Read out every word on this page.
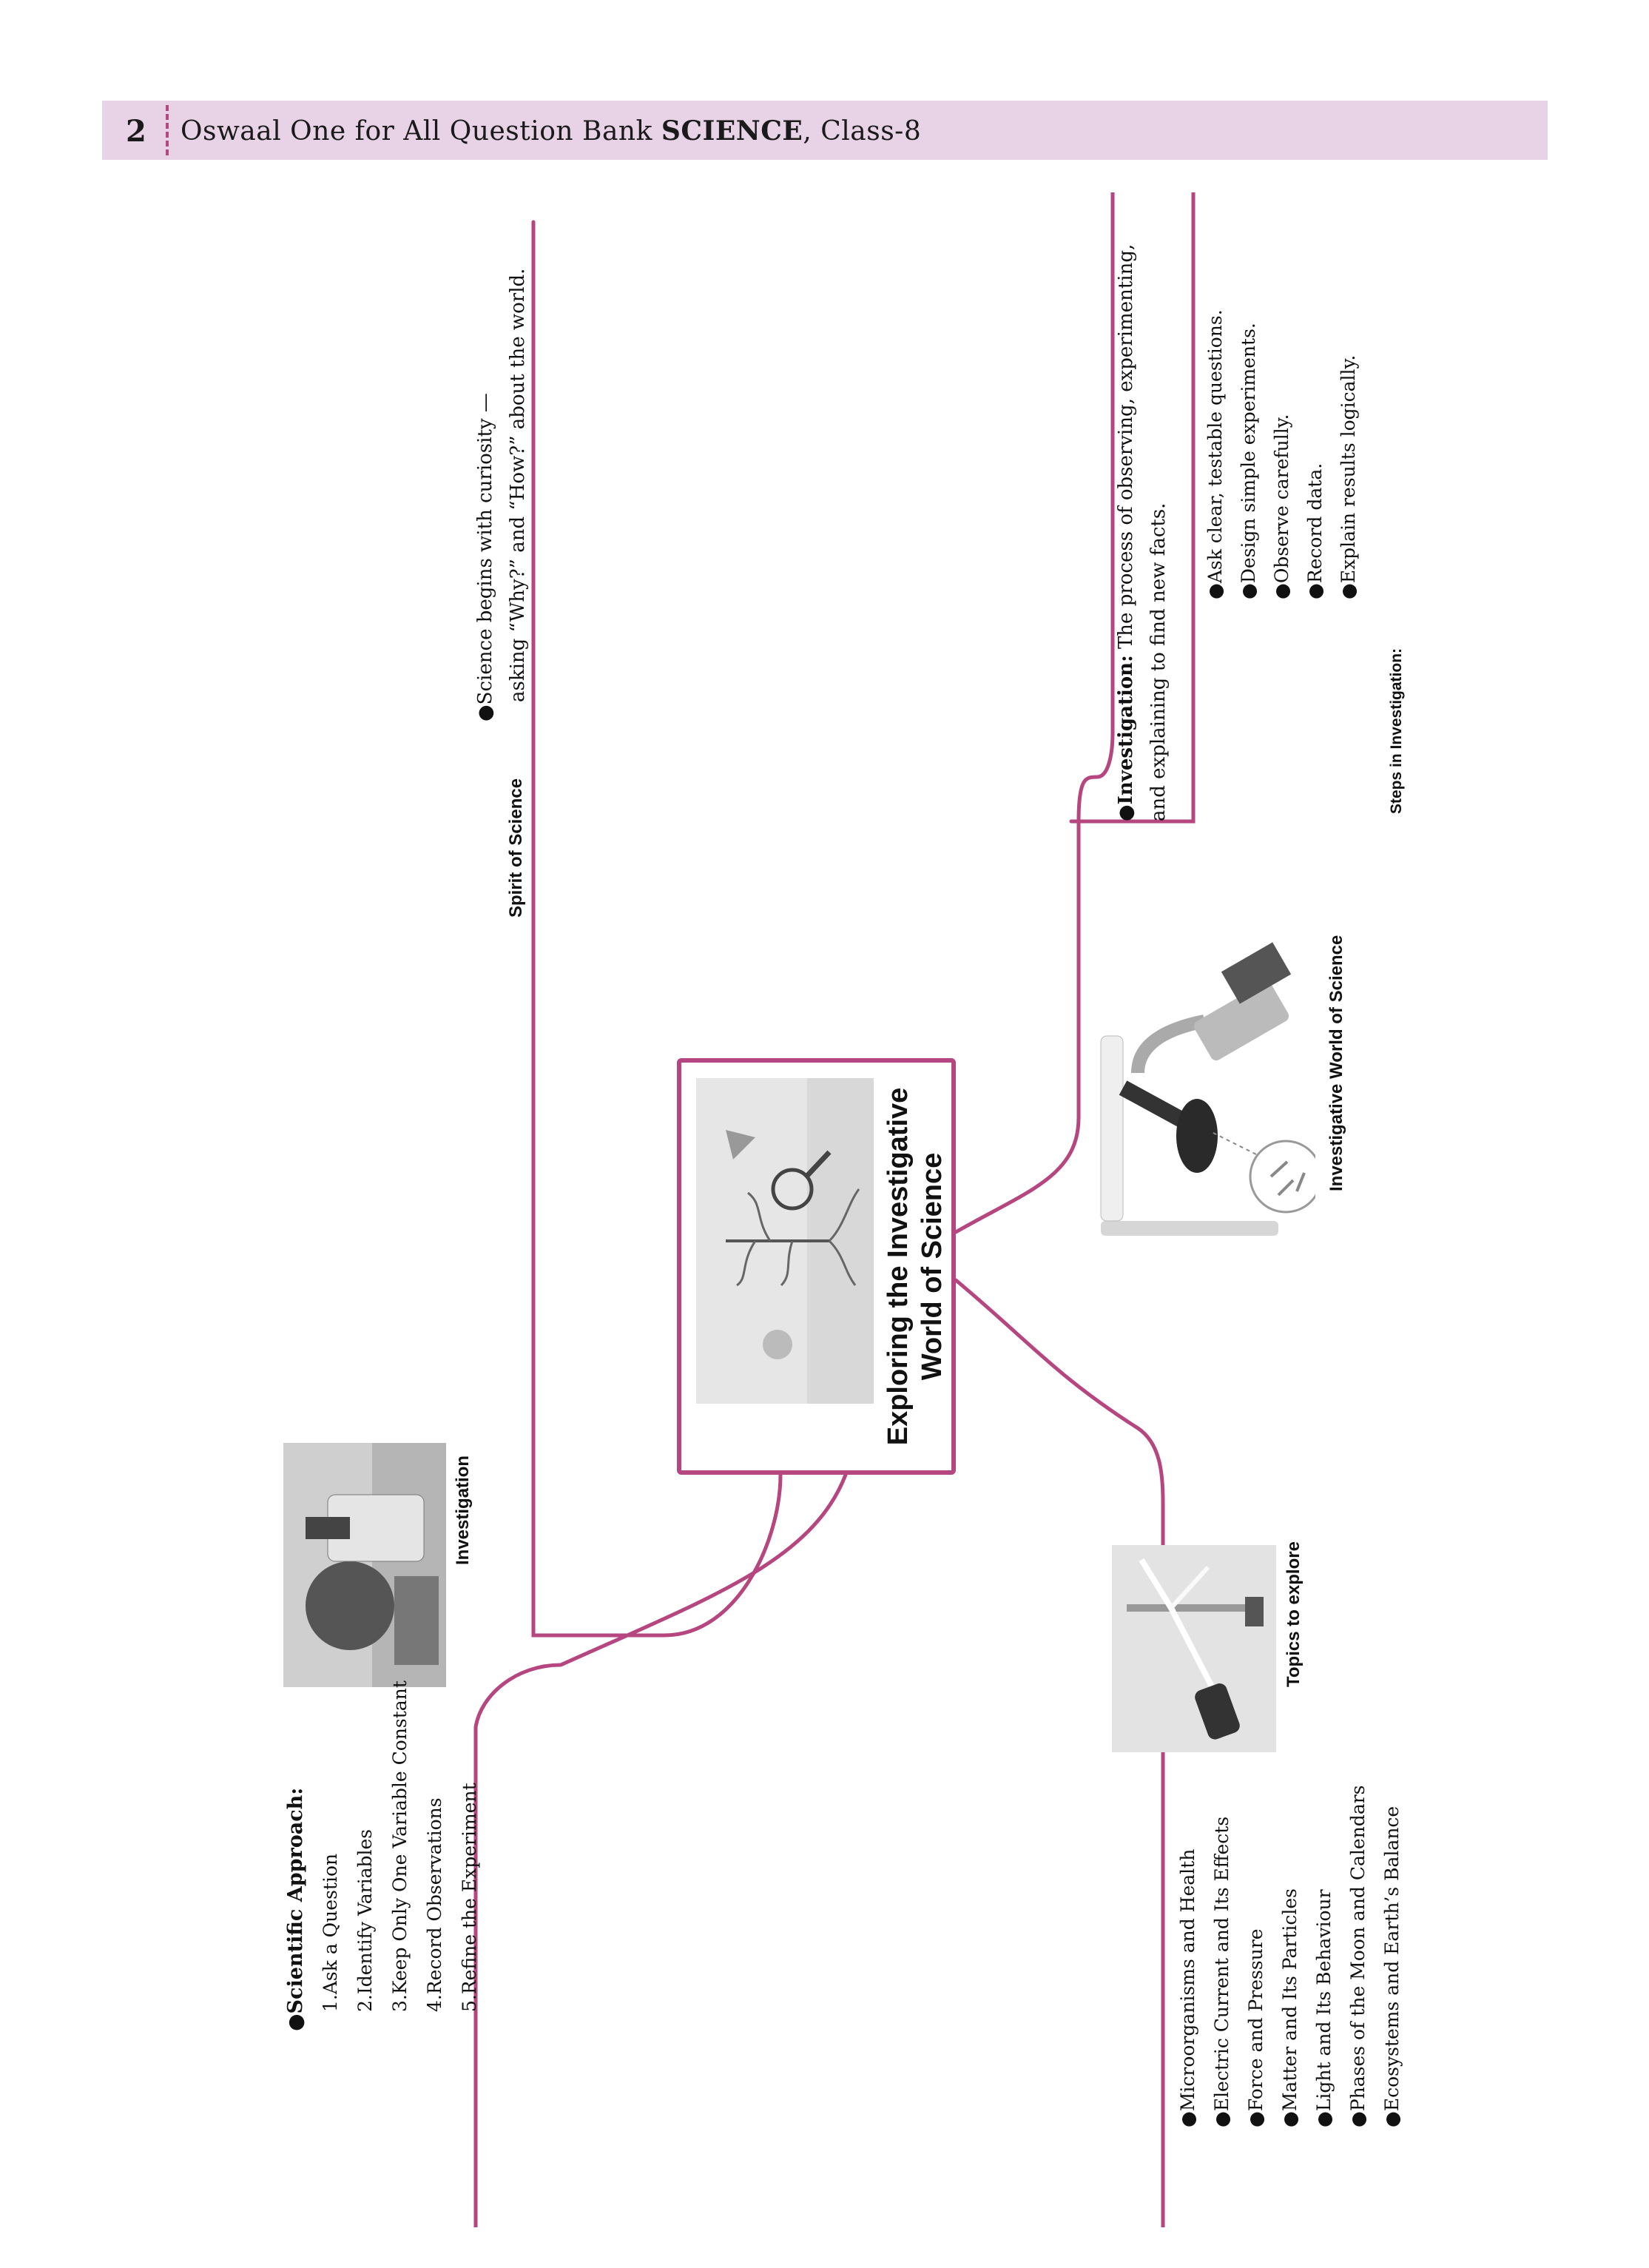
2 Oswaal One for All Question Bank SCIENCE, Class-8
Exploring the Investigative World of Science
Spirit of Science
●Science begins with curiosity — asking “Why?” and “How?” about the world.
Investigative World of Science
●Investigation: The process of observing, experimenting,
and explaining to find new facts.	Steps in Investigation:
●Ask clear, testable questions. ●Design simple experiments. ●Observe carefully. ●Record data. ●Explain results logically.
Investigation
●Scientific Approach: 1.Ask a Question 2.Identify Variables 3.Keep Only One Variable Constant 4.Record Observations 5.Refine the Experiment
Topics to explore
●Microorganisms and Health ●Electric Current and Its Effects ●Force and Pressure ●Matter and Its Particles ●Light and Its Behaviour ●Phases of the Moon and Calendars ●Ecosystems and Earth’s Balance
